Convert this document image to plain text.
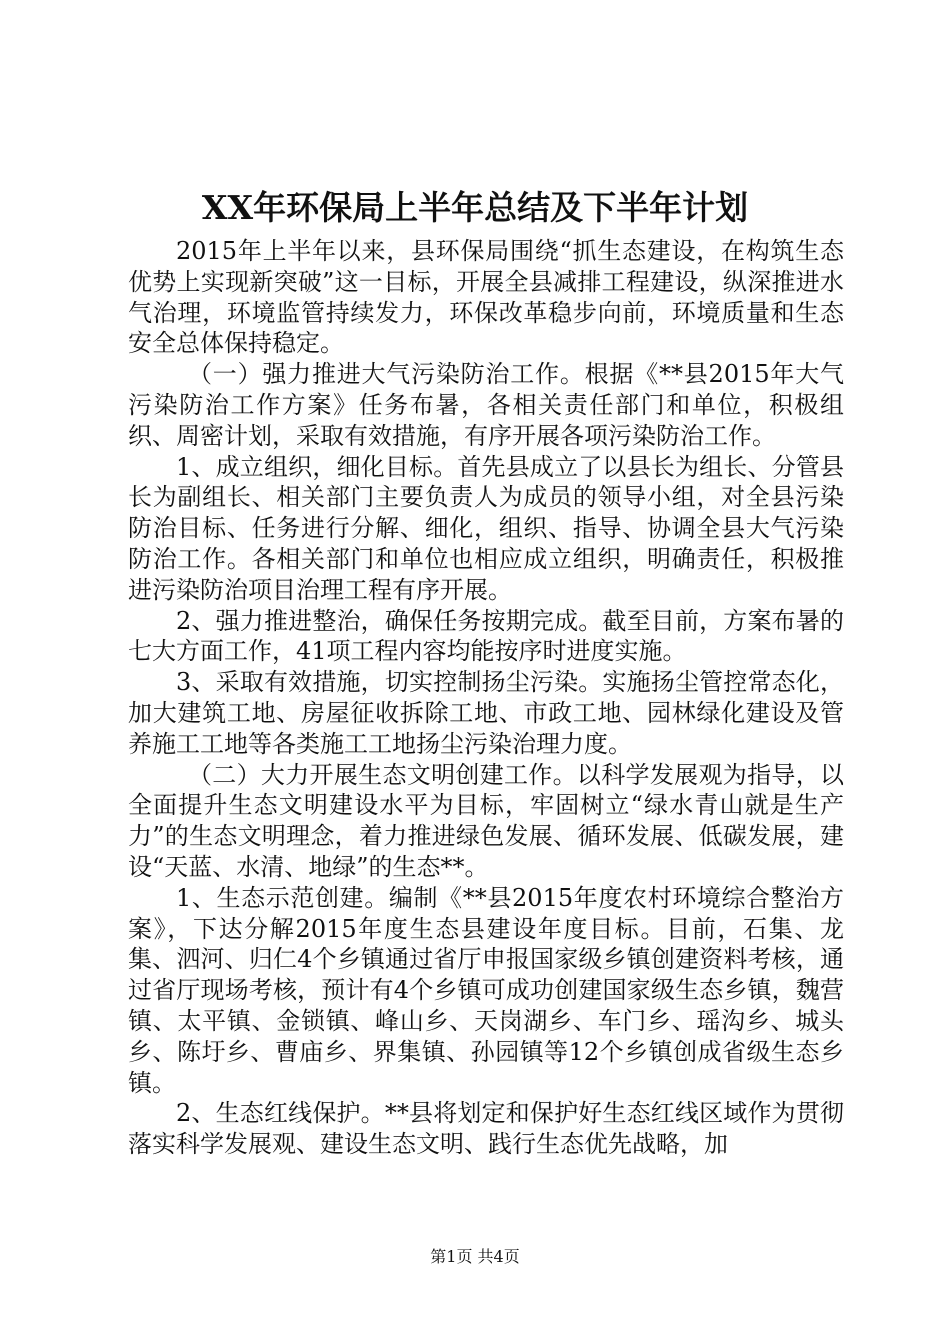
XX年环保局上半年总结及下半年计划

2015年上半年以来，县环保局围绕“抓生态建设，在构筑生态优势上实现新突破”这一目标，开展全县减排工程建设，纵深推进水气治理，环境监管持续发力，环保改革稳步向前，环境质量和生态安全总体保持稳定。

（一）强力推进大气污染防治工作。根据《**县2015年大气污染防治工作方案》任务布暑，各相关责任部门和单位，积极组织、周密计划，采取有效措施，有序开展各项污染防治工作。

1、成立组织，细化目标。首先县成立了以县长为组长、分管县长为副组长、相关部门主要负责人为成员的领导小组，对全县污染防治目标、任务进行分解、细化，组织、指导、协调全县大气污染防治工作。各相关部门和单位也相应成立组织，明确责任，积极推进污染防治项目治理工程有序开展。

2、强力推进整治，确保任务按期完成。截至目前，方案布暑的七大方面工作，41项工程内容均能按序时进度实施。

3、采取有效措施，切实控制扬尘污染。实施扬尘管控常态化，加大建筑工地、房屋征收拆除工地、市政工地、园林绿化建设及管养施工工地等各类施工工地扬尘污染治理力度。

（二）大力开展生态文明创建工作。以科学发展观为指导，以全面提升生态文明建设水平为目标，牢固树立“绿水青山就是生产力”的生态文明理念，着力推进绿色发展、循环发展、低碳发展，建设“天蓝、水清、地绿”的生态**。

1、生态示范创建。编制《**县2015年度农村环境综合整治方案》，下达分解2015年度生态县建设年度目标。目前，石集、龙集、泗河、归仁4个乡镇通过省厅申报国家级乡镇创建资料考核，通过省厅现场考核，预计有4个乡镇可成功创建国家级生态乡镇，魏营镇、太平镇、金锁镇、峰山乡、天岗湖乡、车门乡、瑶沟乡、城头乡、陈圩乡、曹庙乡、界集镇、孙园镇等12个乡镇创成省级生态乡镇。

2、生态红线保护。**县将划定和保护好生态红线区域作为贯彻落实科学发展观、建设生态文明、践行生态优先战略，加

第1页 共4页
